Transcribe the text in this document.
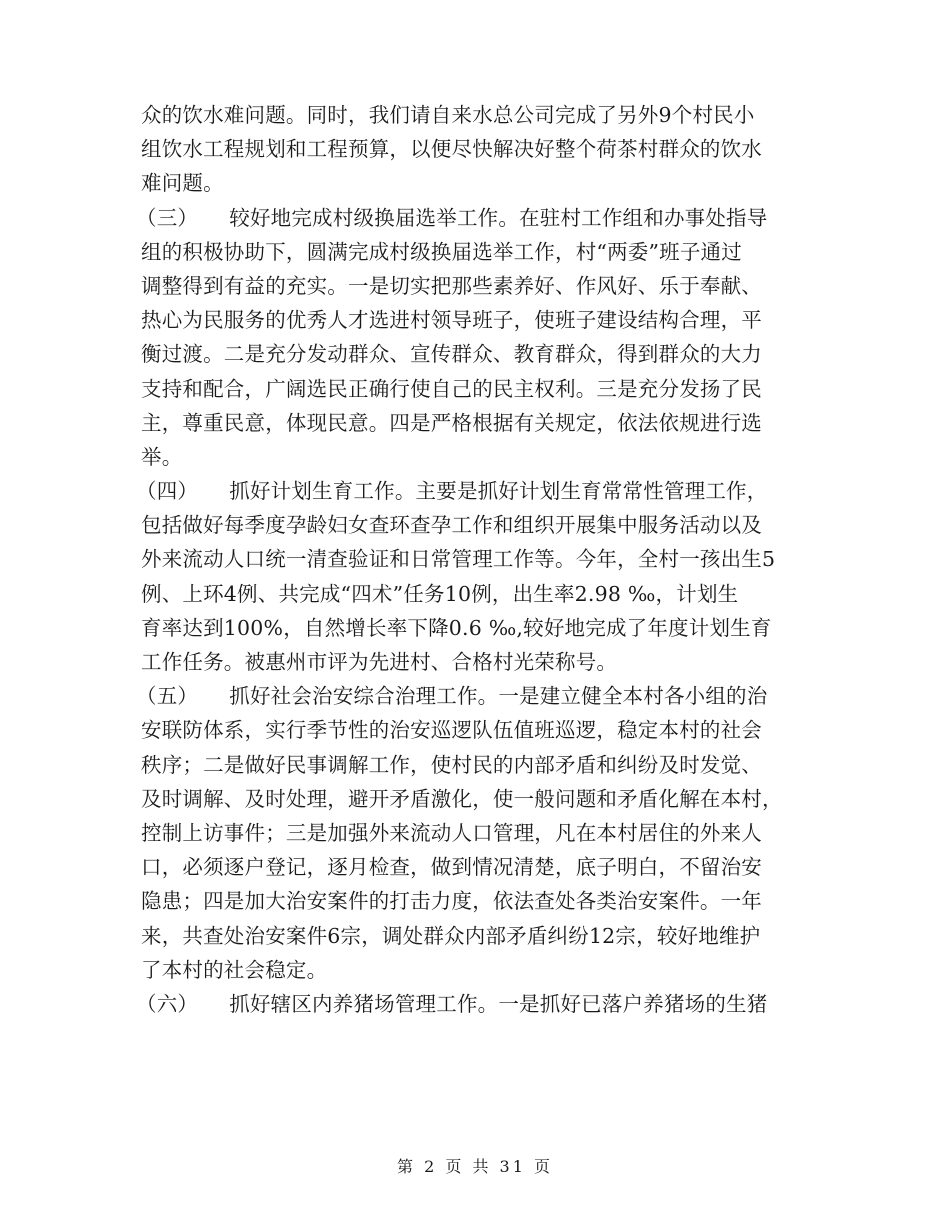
众的饮水难问题。同时，我们请自来水总公司完成了另外9个村民小
组饮水工程规划和工程预算，以便尽快解决好整个荷茶村群众的饮水
难问题。
（三）　　较好地完成村级换届选举工作。在驻村工作组和办事处指导
组的积极协助下，圆满完成村级换届选举工作，村“两委”班子通过
调整得到有益的充实。一是切实把那些素养好、作风好、乐于奉献、
热心为民服务的优秀人才选进村领导班子，使班子建设结构合理，平
衡过渡。二是充分发动群众、宣传群众、教育群众，得到群众的大力
支持和配合，广阔选民正确行使自己的民主权利。三是充分发扬了民
主，尊重民意，体现民意。四是严格根据有关规定，依法依规进行选
举。
（四）　　抓好计划生育工作。主要是抓好计划生育常常性管理工作，
包括做好每季度孕龄妇女查环查孕工作和组织开展集中服务活动以及
外来流动人口统一清查验证和日常管理工作等。今年，全村一孩出生5
例、上环4例、共完成“四术”任务10例，出生率2.98 ‰，计划生
育率达到100%，自然增长率下降0.6 ‰,较好地完成了年度计划生育
工作任务。被惠州市评为先进村、合格村光荣称号。
（五）　　抓好社会治安综合治理工作。一是建立健全本村各小组的治
安联防体系，实行季节性的治安巡逻队伍值班巡逻，稳定本村的社会
秩序；二是做好民事调解工作，使村民的内部矛盾和纠纷及时发觉、
及时调解、及时处理，避开矛盾激化，使一般问题和矛盾化解在本村，
控制上访事件；三是加强外来流动人口管理，凡在本村居住的外来人
口，必须逐户登记，逐月检查，做到情况清楚，底子明白，不留治安
隐患；四是加大治安案件的打击力度，依法查处各类治安案件。一年
来，共查处治安案件6宗，调处群众内部矛盾纠纷12宗，较好地维护
了本村的社会稳定。
（六）　　抓好辖区内养猪场管理工作。一是抓好已落户养猪场的生猪
第 2 页 共 31 页
